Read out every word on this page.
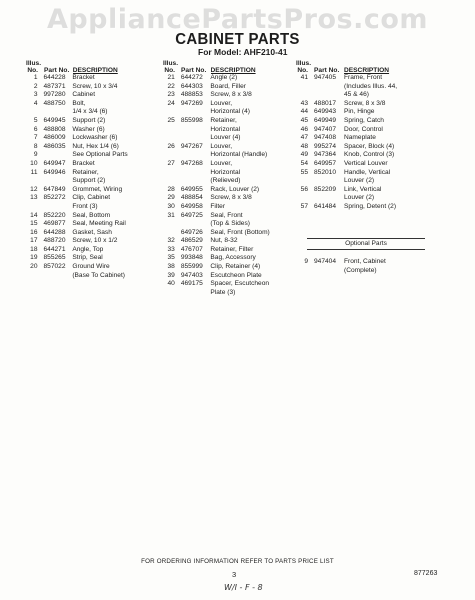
AppliancePartsPros.com
CABINET PARTS
For Model: AHF210-41
Illus. No. Part No. DESCRIPTION
1 644228	Bracket
2 487371	Screw, 10 x 3/4
3 997280	Cabinet
4 488750	Bolt,
1/4 x 3/4 (6)
5 649945	Support (2)
6 488808	Washer (6)
7 486009	Lockwasher (6)
8 486035	Nut, Hex 1/4 (6)
9	See Optional Parts
10 649947	Bracket
11 649946	Retainer,
Support (2)
12 647849	Grommet, Wiring
13 852272	Clip, Cabinet
Front (3)
14 852220	Seal, Bottom
15 469877	Seal, Meeting Rail
16 644288	Gasket, Sash
17 488720	Screw, 10 x 1/2
18 644271	Angle, Top
19 855265	Strip, Seal
20 857022	Ground Wire
(Base To Cabinet)
Illus. No. Part No. DESCRIPTION
21 644272	Angle (2)
22 644303	Board, Filler
23 488853	Screw, 8 x 3/8
24 947269	Louver,
Horizontal (4)
25 855998	Retainer,
Horizontal
Louver (4)
26 947267	Louver,
Horizontal (Handle)
27 947268	Louver,
Horizontal
(Relieved)
28 649955	Rack, Louver (2)
29 488854	Screw, 8 x 3/8
30 649958	Filter
31 649725	Seal, Front
(Top & Sides)
649726	Seal, Front (Bottom)
32 486529	Nut, 8-32
33 476707	Retainer, Filter
35 993848	Bag, Accessory
38 855999	Clip, Retainer (4)
39 947403	Escutcheon Plate
40 469175	Spacer, Escutcheon
Plate (3)
Illus. No. Part No. DESCRIPTION
41 947405	Frame, Front
(Includes Illus. 44,
45 & 46)
43 488017	Screw, 8 x 3/8
44 649943	Pin, Hinge
45 649949	Spring, Catch
46 947407	Door, Control
47 947408	Nameplate
48 995274	Spacer, Block (4)
49 947364	Knob, Control (3)
54 649957	Vertical Louver
55 852010	Handle, Vertical
Louver (2)
56 852209	Link, Vertical
Louver (2)
57 641484	Spring, Detent (2)
Optional Parts
9 947404	Front, Cabinet
(Complete)
FOR ORDERING INFORMATION REFER TO PARTS PRICE LIST
3	877263
W/I - F - 8
